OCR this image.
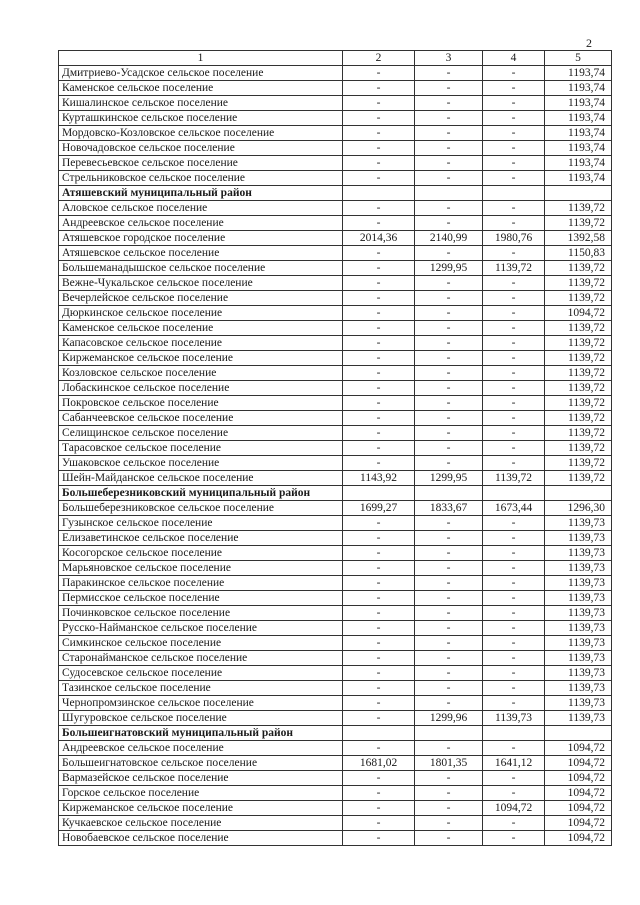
2
1	2	3	4	5
Дмитриево-Усадское сельское поселение	-	-	-	1193,74
Каменское сельское поселение	-	-	-	1193,74
Кишалинское сельское поселение	-	-	-	1193,74
Курташкинское сельское поселение	-	-	-	1193,74
Мордовско-Козловское сельское поселение	-	-	-	1193,74
Новочадовское сельское поселение	-	-	-	1193,74
Перевесьевское сельское поселение	-	-	-	1193,74
Стрельниковское сельское поселение	-	-	-	1193,74
Атяшевский муниципальный район				
Аловское сельское поселение	-	-	-	1139,72
Андреевское сельское поселение	-	-	-	1139,72
Атяшевское городское поселение	2014,36	2140,99	1980,76	1392,58
Атяшевское сельское поселение	-	-	-	1150,83
Большеманадышское сельское поселение	-	1299,95	1139,72	1139,72
Вежне-Чукальское сельское поселение	-	-	-	1139,72
Вечерлейское сельское поселение	-	-	-	1139,72
Дюркинское сельское поселение	-	-	-	1094,72
Каменское сельское поселение	-	-	-	1139,72
Капасовское сельское поселение	-	-	-	1139,72
Киржеманское сельское поселение	-	-	-	1139,72
Козловское сельское поселение	-	-	-	1139,72
Лобаскинское сельское поселение	-	-	-	1139,72
Покровское сельское поселение	-	-	-	1139,72
Сабанчеевское сельское поселение	-	-	-	1139,72
Селищинское сельское поселение	-	-	-	1139,72
Тарасовское сельское поселение	-	-	-	1139,72
Ушаковское сельское поселение	-	-	-	1139,72
Шейн-Майданское сельское поселение	1143,92	1299,95	1139,72	1139,72
Большеберезниковский муниципальный район				
Большеберезниковское сельское поселение	1699,27	1833,67	1673,44	1296,30
Гузынское сельское поселение	-	-	-	1139,73
Елизаветинское сельское поселение	-	-	-	1139,73
Косогорское сельское поселение	-	-	-	1139,73
Марьяновское сельское поселение	-	-	-	1139,73
Паракинское сельское поселение	-	-	-	1139,73
Пермисское сельское поселение	-	-	-	1139,73
Починковское сельское поселение	-	-	-	1139,73
Русско-Найманское сельское поселение	-	-	-	1139,73
Симкинское сельское поселение	-	-	-	1139,73
Старонайманское сельское поселение	-	-	-	1139,73
Судосевское сельское поселение	-	-	-	1139,73
Тазинское сельское поселение	-	-	-	1139,73
Чернопромзинское сельское поселение	-	-	-	1139,73
Шугуровское сельское поселение	-	1299,96	1139,73	1139,73
Большеигнатовский муниципальный район				
Андреевское сельское поселение	-	-	-	1094,72
Большеигнатовское сельское поселение	1681,02	1801,35	1641,12	1094,72
Вармазейское сельское поселение	-	-	-	1094,72
Горское сельское поселение	-	-	-	1094,72
Киржеманское сельское поселение	-	-	1094,72	1094,72
Кучкаевское сельское поселение	-	-	-	1094,72
Новобаевское сельское поселение	-	-	-	1094,72
